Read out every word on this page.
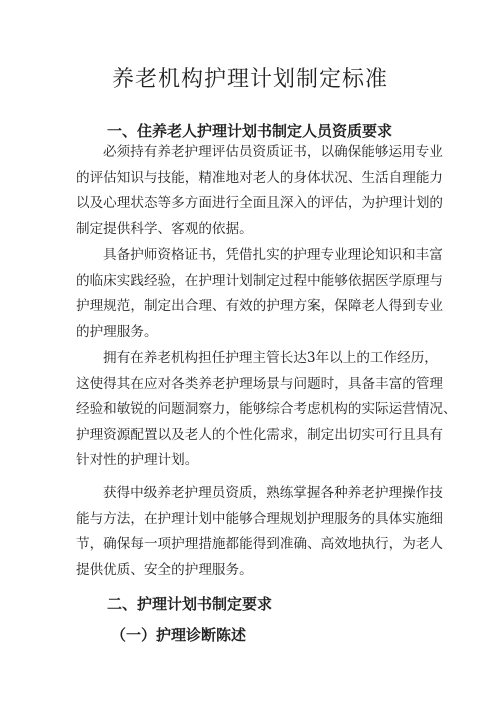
养老机构护理计划制定标准
一、住养老人护理计划书制定人员资质要求
必须持有养老护理评估员资质证书，以确保能够运用专业
的评估知识与技能，精准地对老人的身体状况、生活自理能力
以及心理状态等多方面进行全面且深入的评估，为护理计划的
制定提供科学、客观的依据。
具备护师资格证书，凭借扎实的护理专业理论知识和丰富
的临床实践经验，在护理计划制定过程中能够依据医学原理与
护理规范，制定出合理、有效的护理方案，保障老人得到专业
的护理服务。
拥有在养老机构担任护理主管长达3年以上的工作经历，
这使得其在应对各类养老护理场景与问题时，具备丰富的管理
经验和敏锐的问题洞察力，能够综合考虑机构的实际运营情况、
护理资源配置以及老人的个性化需求，制定出切实可行且具有
针对性的护理计划。
获得中级养老护理员资质，熟练掌握各种养老护理操作技
能与方法，在护理计划中能够合理规划护理服务的具体实施细
节，确保每一项护理措施都能得到准确、高效地执行，为老人
提供优质、安全的护理服务。
二、护理计划书制定要求
（一）护理诊断陈述
